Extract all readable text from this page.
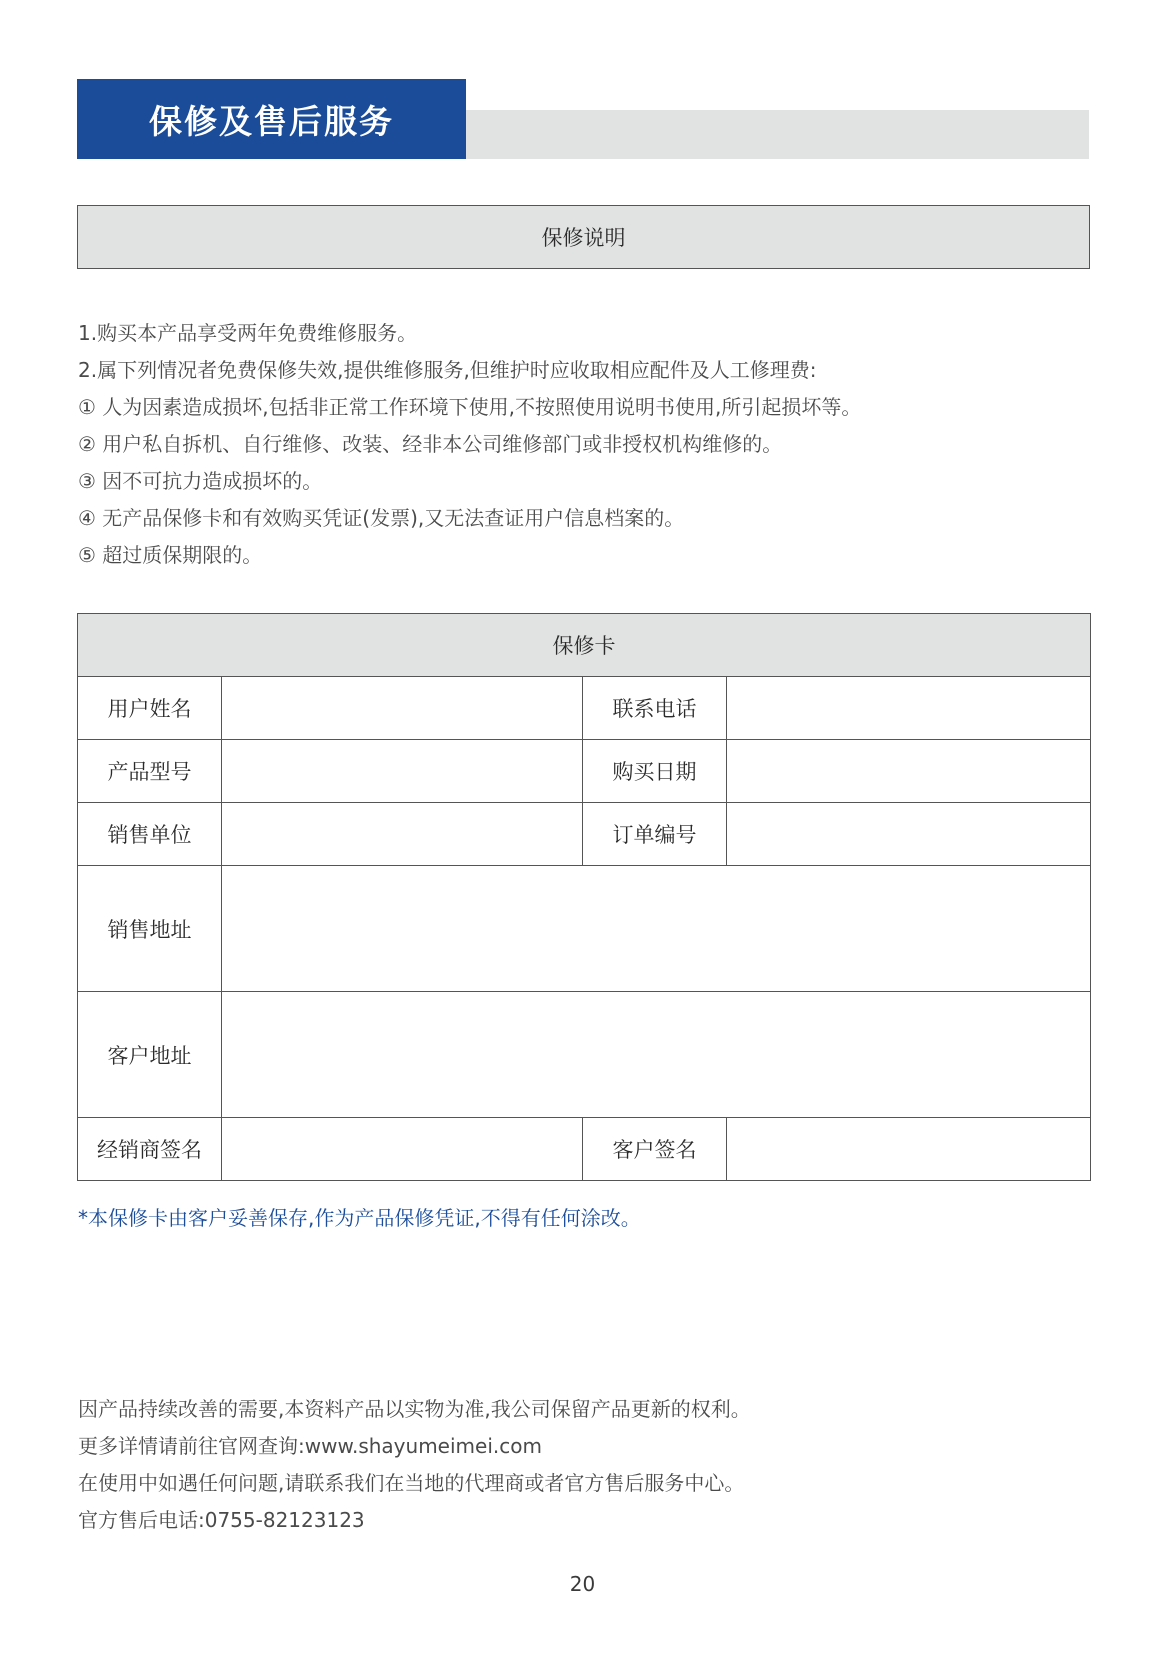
保修及售后服务
保修说明
1.购买本产品享受两年免费维修服务。
2.属下列情况者免费保修失效,提供维修服务,但维护时应收取相应配件及人工修理费:
① 人为因素造成损坏,包括非正常工作环境下使用,不按照使用说明书使用,所引起损坏等。
② 用户私自拆机、自行维修、改装、经非本公司维修部门或非授权机构维修的。
③ 因不可抗力造成损坏的。
④ 无产品保修卡和有效购买凭证(发票),又无法查证用户信息档案的。
⑤ 超过质保期限的。
保修卡			
用户姓名		联系电话	
产品型号		购买日期	
销售单位		订单编号	
销售地址			
客户地址			
经销商签名		客户签名	
*本保修卡由客户妥善保存,作为产品保修凭证,不得有任何涂改。
因产品持续改善的需要,本资料产品以实物为准,我公司保留产品更新的权利。
更多详情请前往官网查询:www.shayumeimei.com
在使用中如遇任何问题,请联系我们在当地的代理商或者官方售后服务中心。
官方售后电话:0755-82123123
20
